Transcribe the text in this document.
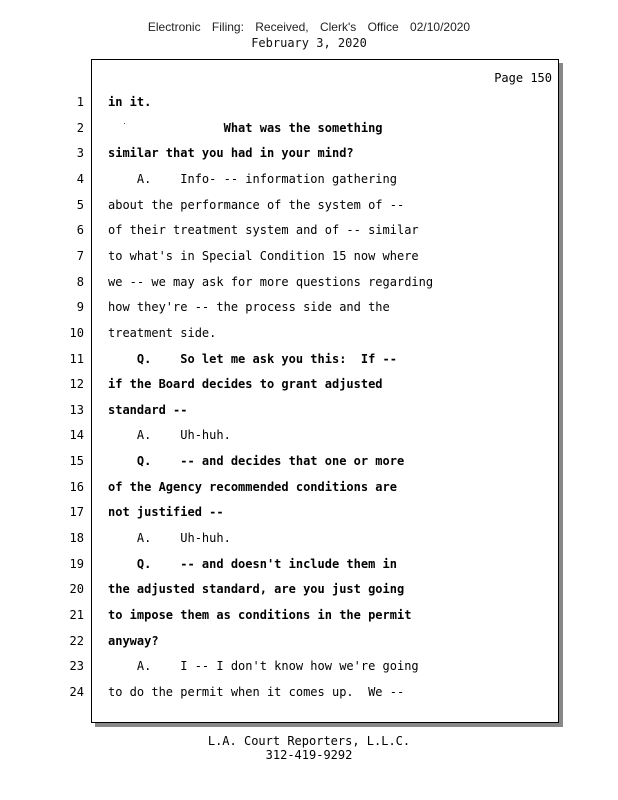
Electronic Filing: Received, Clerk's Office 02/10/2020
February 3, 2020
Page 150
1 in it.
2 What was the something
3 similar that you had in your mind?
4 A.    Info- -- information gathering
5 about the performance of the system of --
6 of their treatment system and of -- similar
7 to what's in Special Condition 15 now where
8 we -- we may ask for more questions regarding
9 how they're -- the process side and the
10 treatment side.
11 Q.    So let me ask you this:  If --
12 if the Board decides to grant adjusted
13 standard --
14 A.    Uh-huh.
15 Q.    -- and decides that one or more
16 of the Agency recommended conditions are
17 not justified --
18 A.    Uh-huh.
19 Q.    -- and doesn't include them in
20 the adjusted standard, are you just going
21 to impose them as conditions in the permit
22 anyway?
23 A.    I -- I don't know how we're going
24 to do the permit when it comes up.  We --
L.A. Court Reporters, L.L.C.
312-419-9292
